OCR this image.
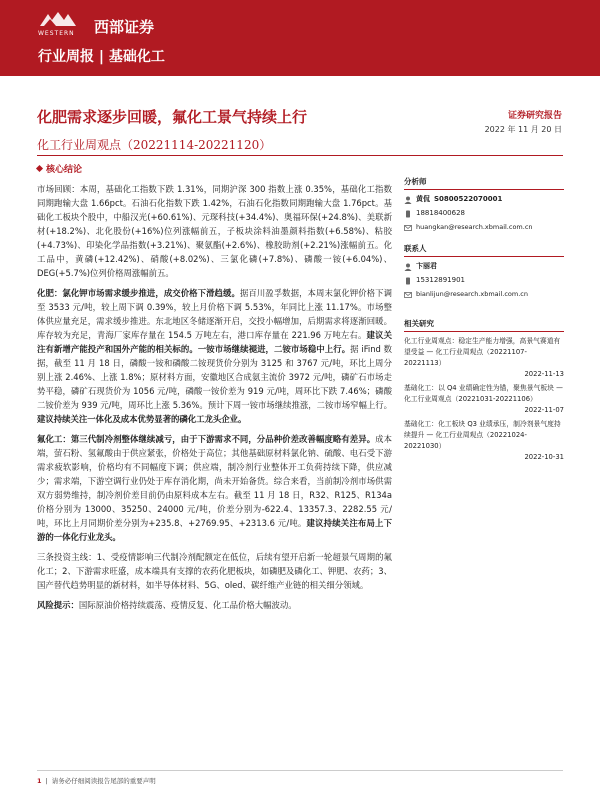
WESTERN 西部证券
行业周报 | 基础化工
化肥需求逐步回暖，氟化工景气持续上行
化工行业周观点（20221114-20221120）
证券研究报告
2022 年 11 月 20 日
核心结论

市场回顾：本周，基础化工指数下跌 1.31%，同期沪深 300 指数上涨 0.35%，基础化工指数同期跑输大盘 1.66pct。石油石化指数下跌 1.42%，石油石化指数同期跑输大盘 1.76pct。基础化工板块个股中，中船汉光(+60.61%)、元琛科技(+34.4%)、奥福环保(+24.8%)、美联新材(+18.2%)、北化股份(+16%)位列涨幅前五，子板块涂料油墨颜料指数(+6.58%)、粘胶(+4.73%)、印染化学品指数(+3.21%)、聚氨酯(+2.6%)、橡胶助剂(+2.21%)涨幅前五。化工品中，黄磷(+12.42%)、硝酸(+8.02%)、三氯化磷(+7.8%)、磷酸一铵(+6.04%)、DEG(+5.7%)位列价格周涨幅前五。

化肥：氯化钾市场需求缓步推进，成交价格下滑趋缓。据百川盈孚数据，本周末氯化钾价格下调至 3533 元/吨，较上周下调 0.39%，较上月价格下调 5.53%，年同比上涨 11.17%。市场整体供应量充足，需求缓步推进。东北地区冬储逐渐开启，交投小幅增加，后期需求将逐渐回暖。库存较为充足，青海厂家库存量在 154.5 万吨左右，港口库存量在 221.96 万吨左右。建议关注有新增产能投产和国外产能的相关标的。一铵市场继续褪进，二铵市场稳中上行。据 iFind 数据，截至 11 月 18 日，磷酸一铵和磷酸二铵现货价分别为 3125 和 3767 元/吨，环比上周分别上涨 2.46%、上涨 1.8%；原材料方面，安徽地区合成氨主流价 3972 元/吨，磷矿石市场走势平稳，磷矿石现货价为 1056 元/吨，磷酸一铵价差为 919 元/吨，周环比下跌 7.46%；磷酸二铵价差为 939 元/吨，周环比上涨 5.36%。预计下周一铵市场继续推涨，二铵市场窄幅上行。建议持续关注一体化及成本优势显著的磷化工龙头企业。

氟化工：第三代制冷剂整体继续减亏，由于下游需求不同，分品种价差改善幅度略有差异。成本端，萤石粉、氢氟酸由于供应紧张，价格处于高位；其他基础原材料氯化钠、硫酸、电石受下游需求疲软影响，价格均有不同幅度下调；供应端，制冷剂行业整体开工负荷持续下降，供应减少；需求端，下游空调行业仍处于库存消化期，尚未开始备货。综合来看，当前制冷剂市场供需双方弱势维持，制冷剂价差目前仍由原料成本左右。截至 11 月 18 日，R32、R125、R134a 价格分别为 13000、35250、24000 元/吨，价差分别为-622.4、13357.3、2282.55 元/吨，环比上月同期价差分别为+235.8、+2769.95、+2313.6 元/吨。建议持续关注布局上下游的一体化行业龙头。

三条投资主线：1、受疫情影响三代制冷剂配额定在低位，后续有望开启新一轮超景气周期的氟化工；2、下游需求旺盛，成本端具有支撑的农药化肥板块，如磷肥及磷化工、钾肥、农药；3、国产替代趋势明显的新材料，如半导体材料、5G、oled、碳纤维产业链的相关细分领域。

风险提示：国际原油价格持续震荡、疫情反复、化工品价格大幅波动。

分析师
黄侃 S0800522070001
18818400628
huangkan@research.xbmail.com.cn
联系人
卞丽君
15312891901
bianlijun@research.xbmail.com.cn
相关研究
化工行业周观点：稳定生产能力增强，高景气赛道有望受益 — 化工行业周观点（20221107-20221113）
2022-11-13
基础化工：以 Q4 业绩确定性为锚，聚焦景气板块 — 化工行业周观点（20221031-20221106）
2022-11-07
基础化工：化工板块 Q3 业绩承压，制冷剂景气度持续提升 — 化工行业周观点（20221024-20221030）
2022-10-31
1 | 请务必仔细阅读报告尾部的重要声明
